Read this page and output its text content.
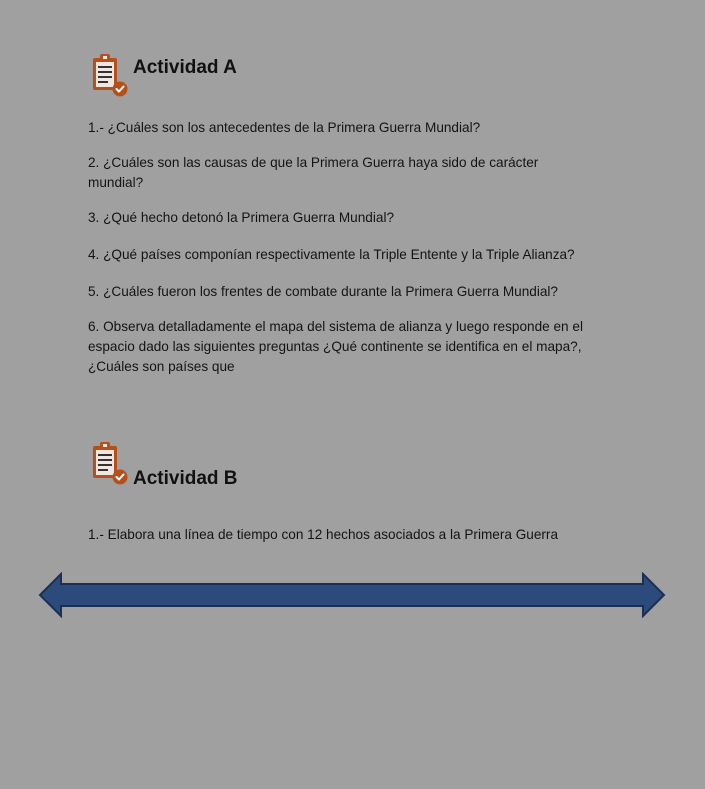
Actividad A
1.- ¿Cuáles son los antecedentes de la Primera Guerra Mundial?
2. ¿Cuáles son las causas de que la Primera Guerra haya sido de carácter mundial?
3. ¿Qué hecho detonó la Primera Guerra Mundial?
4. ¿Qué países componían respectivamente la Triple Entente y la Triple Alianza?
5. ¿Cuáles fueron los frentes de combate durante la Primera Guerra Mundial?
6. Observa detalladamente el mapa del sistema de alianza y luego responde en el espacio dado las siguientes preguntas ¿Qué continente se identifica en el mapa?, ¿Cuáles son países que
Actividad B
1.- Elabora una línea de tiempo con 12 hechos asociados a la Primera Guerra
